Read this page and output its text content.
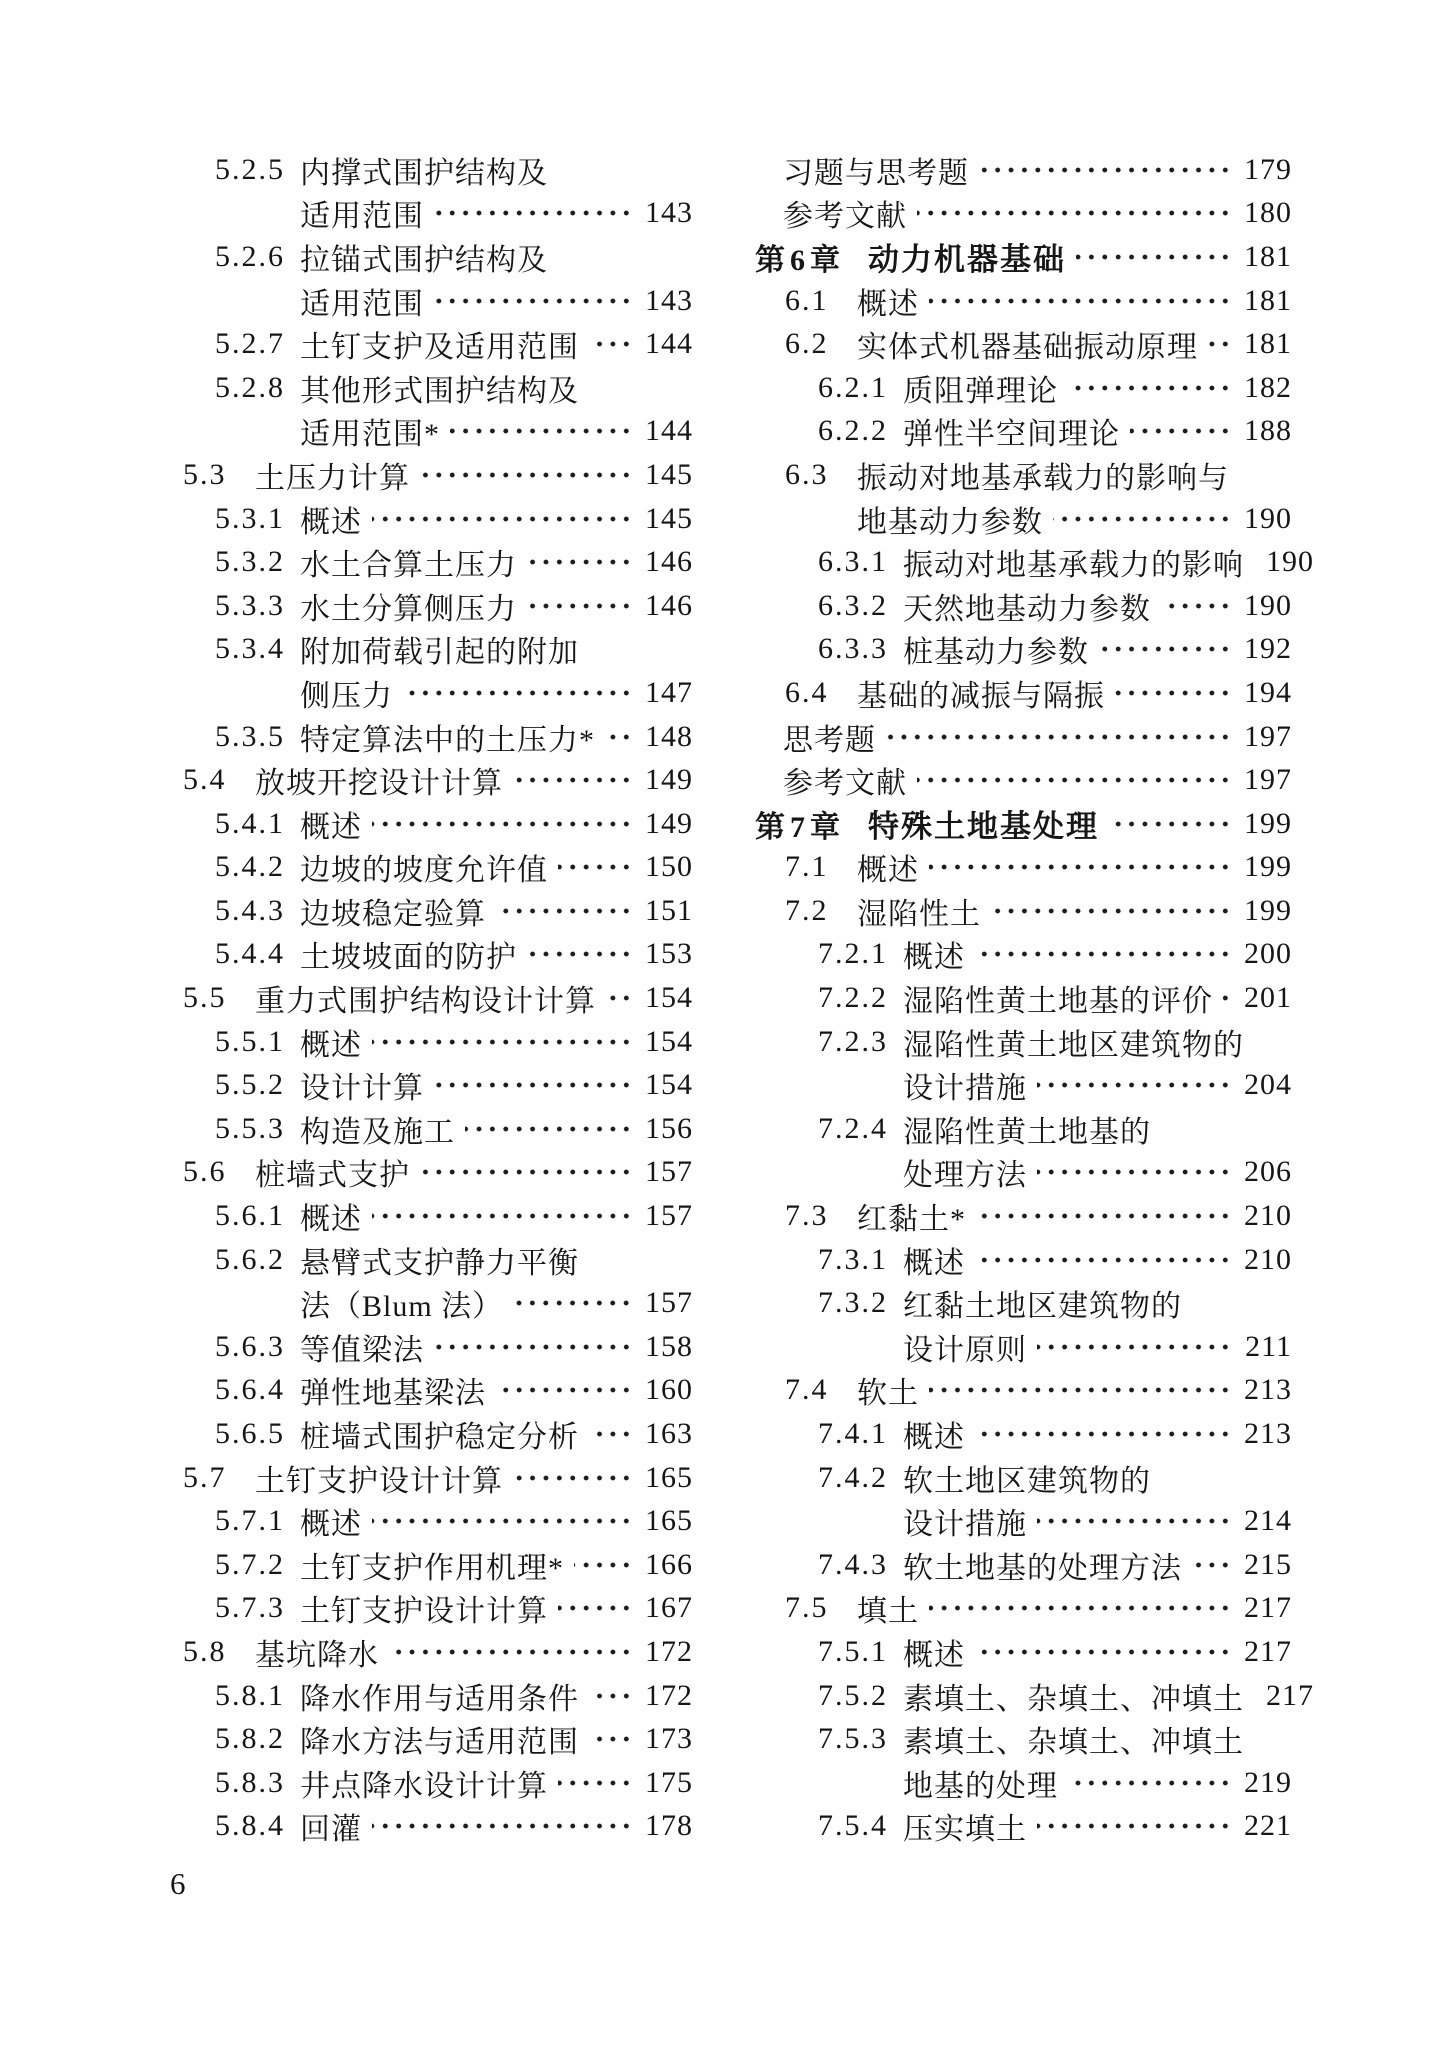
5.2.5 内撑式围护结构及
适用范围	143
5.2.6 拉锚式围护结构及
适用范围	143
5.2.7 土钉支护及适用范围 144
5.2.8 其他形式围护结构及
适用范围*	144
5.3 土压力计算	145
5.3.1 概述	145
5.3.2 水土合算土压力	146
5.3.3 水土分算侧压力	146
5.3.4 附加荷载引起的附加
侧压力	147
5.3.5 特定算法中的土压力* 148
5.4 放坡开挖设计计算	149
5.4.1 概述	149
5.4.2 边坡的坡度允许值	150
5.4.3 边坡稳定验算	151
5.4.4 土坡坡面的防护	153
5.5 重力式围护结构设计计算 154
5.5.1 概述	154
5.5.2 设计计算	154
5.5.3 构造及施工	156
5.6 桩墙式支护	157
5.6.1 概述	157
5.6.2 悬臂式支护静力平衡
法（Blum 法）	157
5.6.3 等值梁法	158
5.6.4 弹性地基梁法	160
5.6.5 桩墙式围护稳定分析 163
5.7 土钉支护设计计算	165
5.7.1 概述	165
5.7.2 土钉支护作用机理*	166
5.7.3 土钉支护设计计算	167
5.8 基坑降水	172
5.8.1 降水作用与适用条件 172
5.8.2 降水方法与适用范围 173
5.8.3 井点降水设计计算	175
5.8.4 回灌	178
习题与思考题	179
参考文献	180
第6章 动力机器基础	181
6.1 概述	181
6.2 实体式机器基础振动原理 181
6.2.1 质阻弹理论	182
6.2.2 弹性半空间理论	188
6.3 振动对地基承载力的影响与
地基动力参数	190
6.3.1 振动对地基承载力的影响 190
6.3.2 天然地基动力参数	190
6.3.3 桩基动力参数	192
6.4 基础的减振与隔振	194
思考题	197
参考文献	197
第7章 特殊土地基处理	199
7.1 概述	199
7.2 湿陷性土	199
7.2.1 概述	200
7.2.2 湿陷性黄土地基的评价 201
7.2.3 湿陷性黄土地区建筑物的
设计措施	204
7.2.4 湿陷性黄土地基的
处理方法	206
7.3 红黏土*	210
7.3.1 概述	210
7.3.2 红黏土地区建筑物的
设计原则	211
7.4 软土	213
7.4.1 概述	213
7.4.2 软土地区建筑物的
设计措施	214
7.4.3 软土地基的处理方法 215
7.5 填土	217
7.5.1 概述	217
7.5.2 素填土、杂填土、冲填土 217
7.5.3 素填土、杂填土、冲填土
地基的处理	219
7.5.4 压实填土	221
6
